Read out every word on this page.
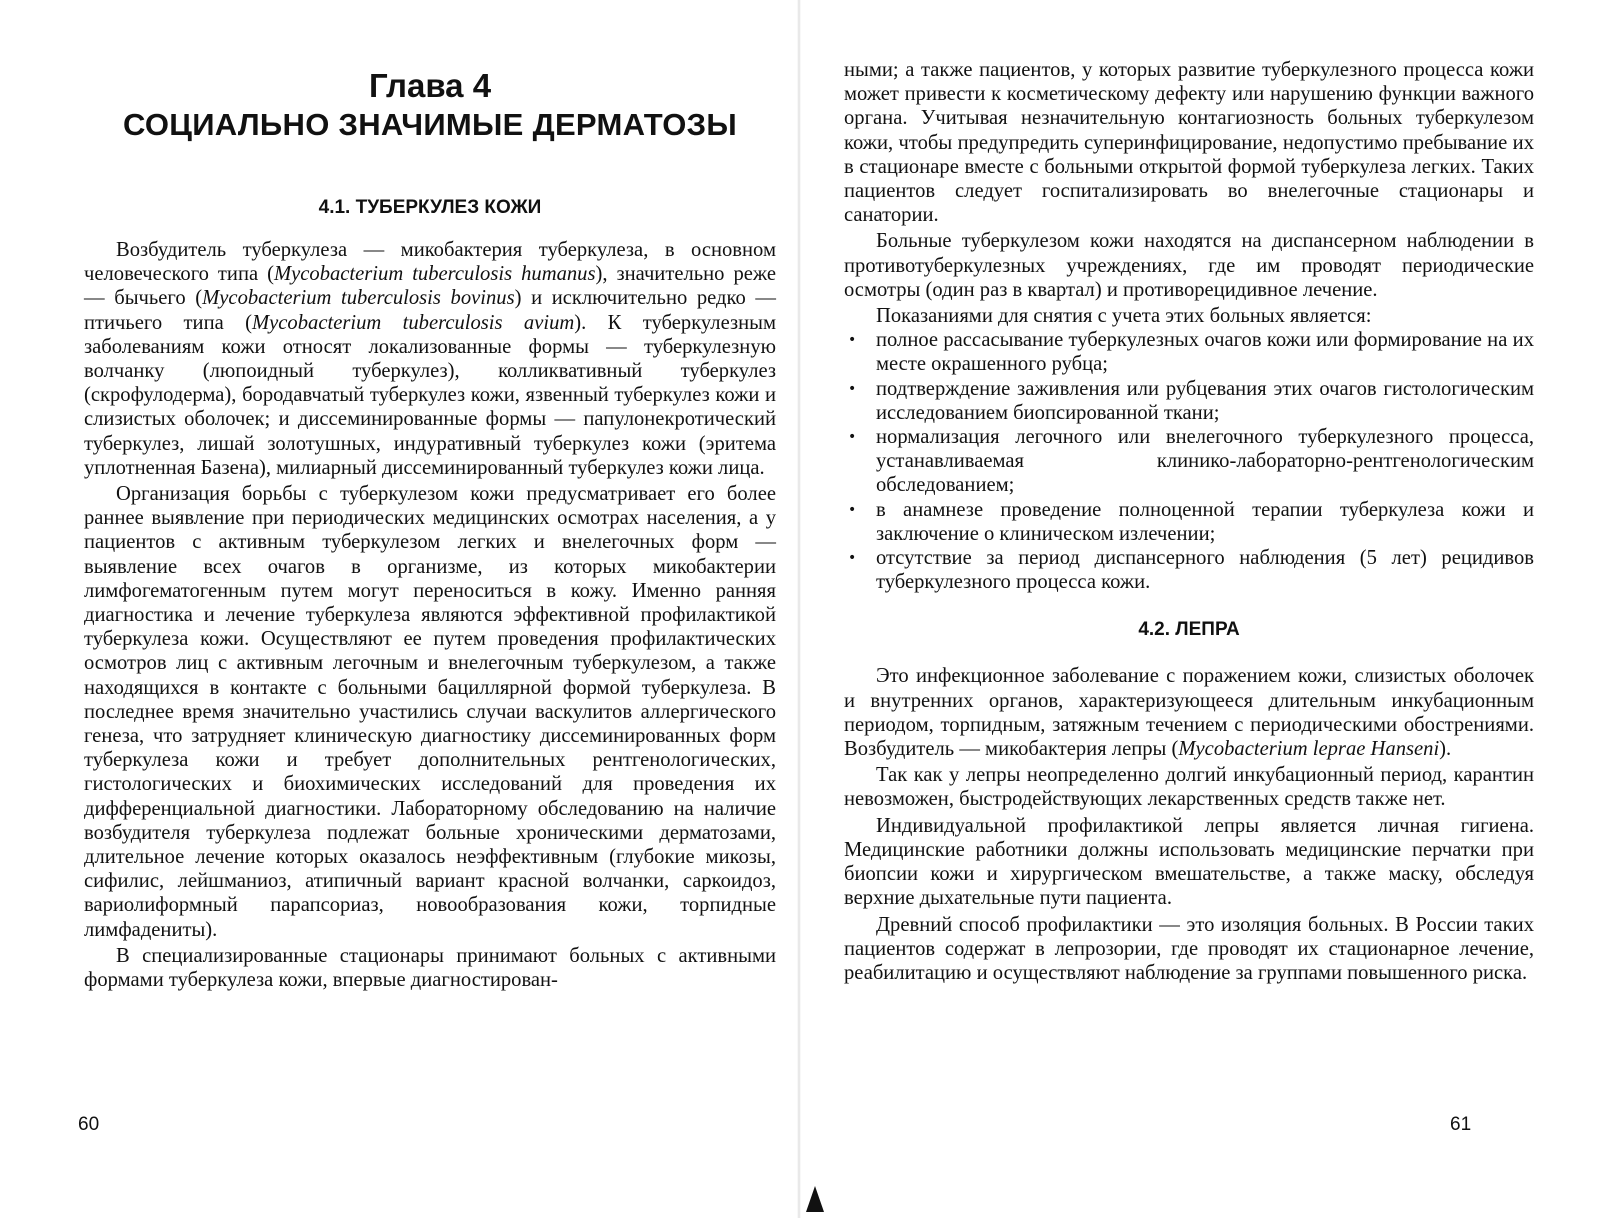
Глава 4
СОЦИАЛЬНО ЗНАЧИМЫЕ ДЕРМАТОЗЫ
4.1. ТУБЕРКУЛЕЗ КОЖИ

Возбудитель туберкулеза — микобактерия туберкулеза, в основном человеческого типа (Mycobacterium tuberculosis humanus), значительно реже — бычьего (Mycobacterium tuberculosis bovinus) и исключительно редко — птичьего типа (Mycobacterium tuberculosis avium). К туберкулезным заболеваниям кожи относят локализованные формы — туберкулезную волчанку (люпоидный туберкулез), колликвативный туберкулез (скрофулодерма), бородавчатый туберкулез кожи, язвенный туберкулез кожи и слизистых оболочек; и диссеминированные формы — папулонекротический туберкулез, лишай золотушных, индуративный туберкулез кожи (эритема уплотненная Базена), милиарный диссеминированный туберкулез кожи лица.

Организация борьбы с туберкулезом кожи предусматривает его более раннее выявление при периодических медицинских осмотрах населения, а у пациентов с активным туберкулезом легких и внелегочных форм — выявление всех очагов в организме, из которых микобактерии лимфогематогенным путем могут переноситься в кожу. Именно ранняя диагностика и лечение туберкулеза являются эффективной профилактикой туберкулеза кожи. Осуществляют ее путем проведения профилактических осмотров лиц с активным легочным и внелегочным туберкулезом, а также находящихся в контакте с больными бациллярной формой туберкулеза. В последнее время значительно участились случаи васкулитов аллергического генеза, что затрудняет клиническую диагностику диссеминированных форм туберкулеза кожи и требует дополнительных рентгенологических, гистологических и биохимических исследований для проведения их дифференциальной диагностики. Лабораторному обследованию на наличие возбудителя туберкулеза подлежат больные хроническими дерматозами, длительное лечение которых оказалось неэффективным (глубокие микозы, сифилис, лейшманиоз, атипичный вариант красной волчанки, саркоидоз, вариолиформный парапсориаз, новообразования кожи, торпидные лимфадениты).

В специализированные стационары принимают больных с активными формами туберкулеза кожи, впервые диагностирован-

60

ными; а также пациентов, у которых развитие туберкулезного процесса кожи может привести к косметическому дефекту или нарушению функции важного органа. Учитывая незначительную контагиозность больных туберкулезом кожи, чтобы предупредить суперинфицирование, недопустимо пребывание их в стационаре вместе с больными открытой формой туберкулеза легких. Таких пациентов следует госпитализировать во внелегочные стационары и санатории.

Больные туберкулезом кожи находятся на диспансерном наблюдении в противотуберкулезных учреждениях, где им проводят периодические осмотры (один раз в квартал) и противорецидивное лечение.

Показаниями для снятия с учета этих больных является:

• полное рассасывание туберкулезных очагов кожи или формирование на их месте окрашенного рубца;
• подтверждение заживления или рубцевания этих очагов гистологическим исследованием биопсированной ткани;
• нормализация легочного или внелегочного туберкулезного процесса, устанавливаемая клинико-лабораторно-рентгенологическим обследованием;
• в анамнезе проведение полноценной терапии туберкулеза кожи и заключение о клиническом излечении;
• отсутствие за период диспансерного наблюдения (5 лет) рецидивов туберкулезного процесса кожи.
4.2. ЛЕПРА

Это инфекционное заболевание с поражением кожи, слизистых оболочек и внутренних органов, характеризующееся длительным инкубационным периодом, торпидным, затяжным течением с периодическими обострениями. Возбудитель — микобактерия лепры (Mycobacterium leprae Hanseni).

Так как у лепры неопределенно долгий инкубационный период, карантин невозможен, быстродействующих лекарственных средств также нет.

Индивидуальной профилактикой лепры является личная гигиена. Медицинские работники должны использовать медицинские перчатки при биопсии кожи и хирургическом вмешательстве, а также маску, обследуя верхние дыхательные пути пациента.

Древний способ профилактики — это изоляция больных. В России таких пациентов содержат в лепрозории, где проводят их стационарное лечение, реабилитацию и осуществляют наблюдение за группами повышенного риска.

61
